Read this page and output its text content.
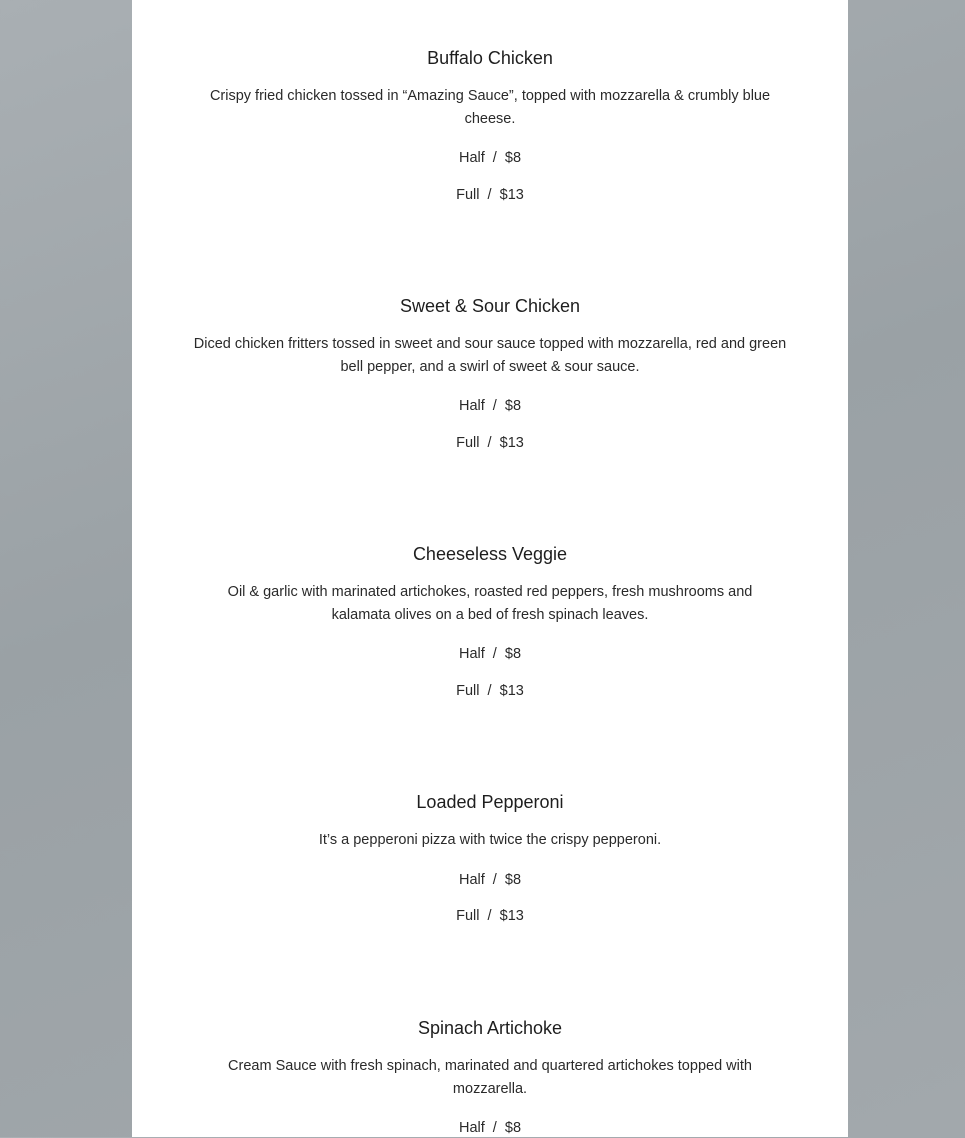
Buffalo Chicken
Crispy fried chicken tossed in “Amazing Sauce”, topped with mozzarella & crumbly blue cheese.
Half  /  $8
Full  /  $13
Sweet & Sour Chicken
Diced chicken fritters tossed in sweet and sour sauce topped with mozzarella, red and green bell pepper, and a swirl of sweet & sour sauce.
Half  /  $8
Full  /  $13
Cheeseless Veggie
Oil & garlic with marinated artichokes, roasted red peppers, fresh mushrooms and kalamata olives on a bed of fresh spinach leaves.
Half  /  $8
Full  /  $13
Loaded Pepperoni
It’s a pepperoni pizza with twice the crispy pepperoni.
Half  /  $8
Full  /  $13
Spinach Artichoke
Cream Sauce with fresh spinach, marinated and quartered artichokes topped with mozzarella.
Half  /  $8
